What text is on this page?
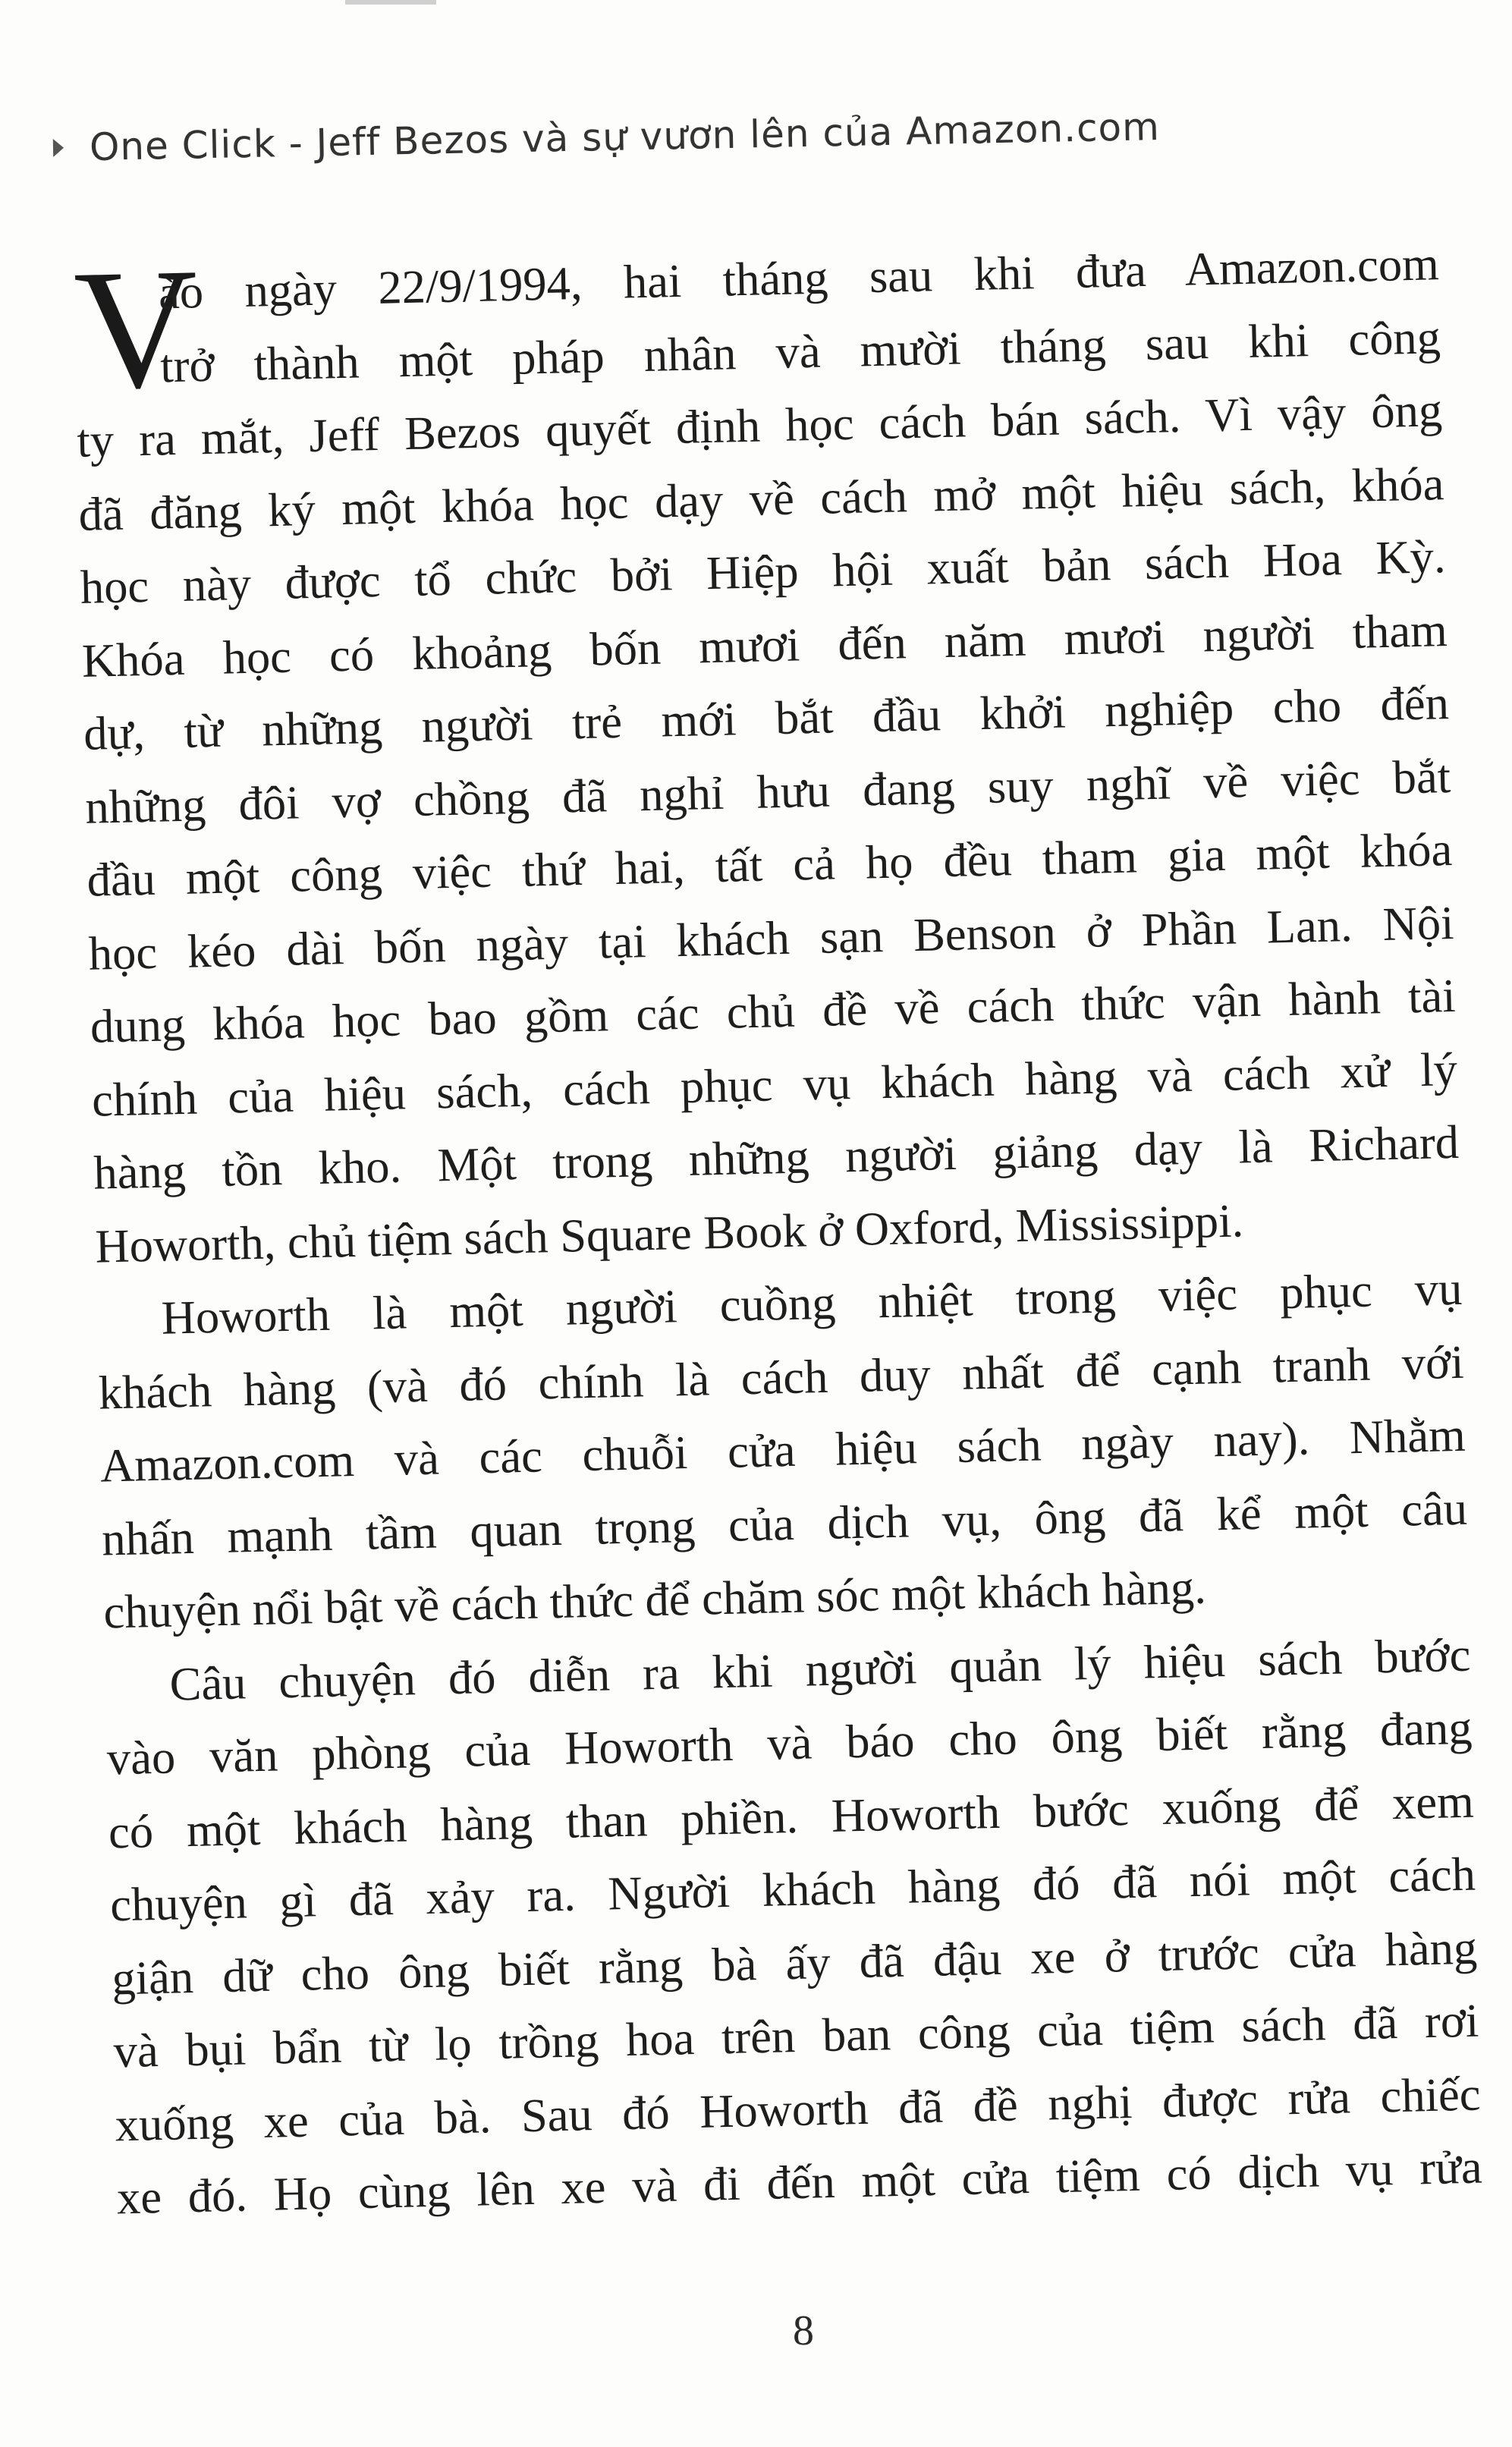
One Click - Jeff Bezos và sự vươn lên của Amazon.com
V
ào ngày 22/9/1994, hai tháng sau khi đưa Amazon.com
trở thành một pháp nhân và mười tháng sau khi công
ty ra mắt, Jeff Bezos quyết định học cách bán sách. Vì vậy ông
đã đăng ký một khóa học dạy về cách mở một hiệu sách, khóa
học này được tổ chức bởi Hiệp hội xuất bản sách Hoa Kỳ.
Khóa học có khoảng bốn mươi đến năm mươi người tham
dự, từ những người trẻ mới bắt đầu khởi nghiệp cho đến
những đôi vợ chồng đã nghỉ hưu đang suy nghĩ về việc bắt
đầu một công việc thứ hai, tất cả họ đều tham gia một khóa
học kéo dài bốn ngày tại khách sạn Benson ở Phần Lan. Nội
dung khóa học bao gồm các chủ đề về cách thức vận hành tài
chính của hiệu sách, cách phục vụ khách hàng và cách xử lý
hàng tồn kho. Một trong những người giảng dạy là Richard
Howorth, chủ tiệm sách Square Book ở Oxford, Mississippi.
Howorth là một người cuồng nhiệt trong việc phục vụ
khách hàng (và đó chính là cách duy nhất để cạnh tranh với
Amazon.com và các chuỗi cửa hiệu sách ngày nay). Nhằm
nhấn mạnh tầm quan trọng của dịch vụ, ông đã kể một câu
chuyện nổi bật về cách thức để chăm sóc một khách hàng.
Câu chuyện đó diễn ra khi người quản lý hiệu sách bước
vào văn phòng của Howorth và báo cho ông biết rằng đang
có một khách hàng than phiền. Howorth bước xuống để xem
chuyện gì đã xảy ra. Người khách hàng đó đã nói một cách
giận dữ cho ông biết rằng bà ấy đã đậu xe ở trước cửa hàng
và bụi bẩn từ lọ trồng hoa trên ban công của tiệm sách đã rơi
xuống xe của bà. Sau đó Howorth đã đề nghị được rửa chiếc
xe đó. Họ cùng lên xe và đi đến một cửa tiệm có dịch vụ rửa
8
